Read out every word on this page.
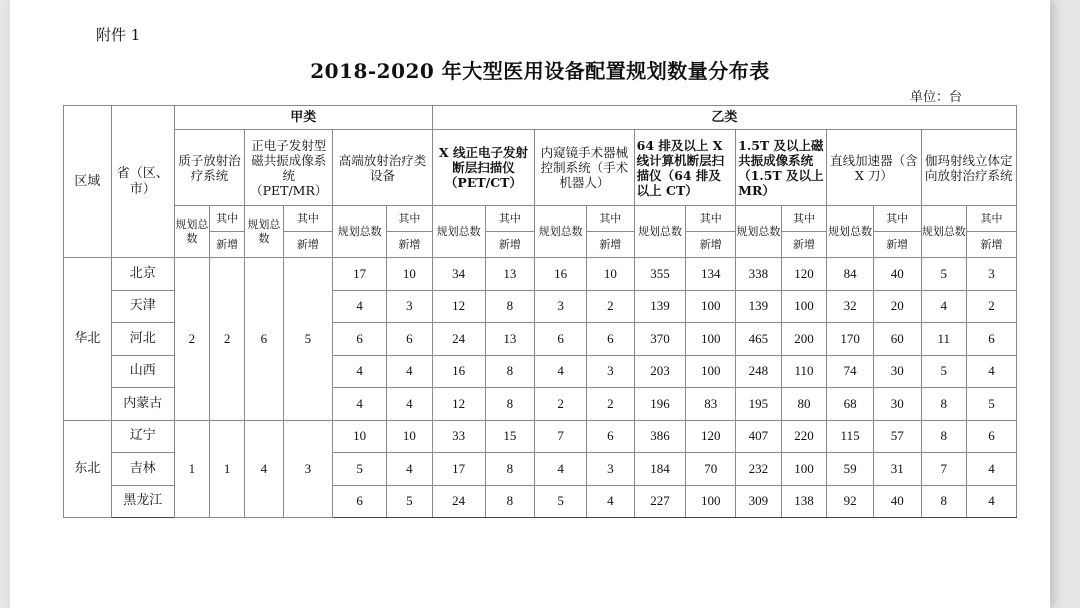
附件 1
2018-2020 年大型医用设备配置规划数量分布表
单位：台
区域	省（区、市）	甲类						乙类											
		质子放射治疗系统		正电子发射型磁共振成像系统（PET/MR）		高端放射治疗类设备		X 线正电子发射断层扫描仪（PET/CT）		内窥镜手术器械控制系统（手术机器人）		64 排及以上 X 线计算机断层扫描仪（64 排及以上 CT）		1.5T 及以上磁共振成像系统（1.5T 及以上 MR）		直线加速器（含 X 刀）		伽玛射线立体定向放射治疗系统	
		规划总数	其中	规划总数	其中	规划总数	其中	规划总数	其中	规划总数	其中	规划总数	其中	规划总数	其中	规划总数	其中	规划总数	其中
			新增		新增		新增		新增		新增		新增		新增		新增		新增
华北	北京	2	2	6	5	17	10	34	13	16	10	355	134	338	120	84	40	5	3
	天津					4	3	12	8	3	2	139	100	139	100	32	20	4	2
	河北					6	6	24	13	6	6	370	100	465	200	170	60	11	6
	山西					4	4	16	8	4	3	203	100	248	110	74	30	5	4
	内蒙古					4	4	12	8	2	2	196	83	195	80	68	30	8	5
东北	辽宁	1	1	4	3	10	10	33	15	7	6	386	120	407	220	115	57	8	6
	吉林					5	4	17	8	4	3	184	70	232	100	59	31	7	4
	黑龙江					6	5	24	8	5	4	227	100	309	138	92	40	8	4
